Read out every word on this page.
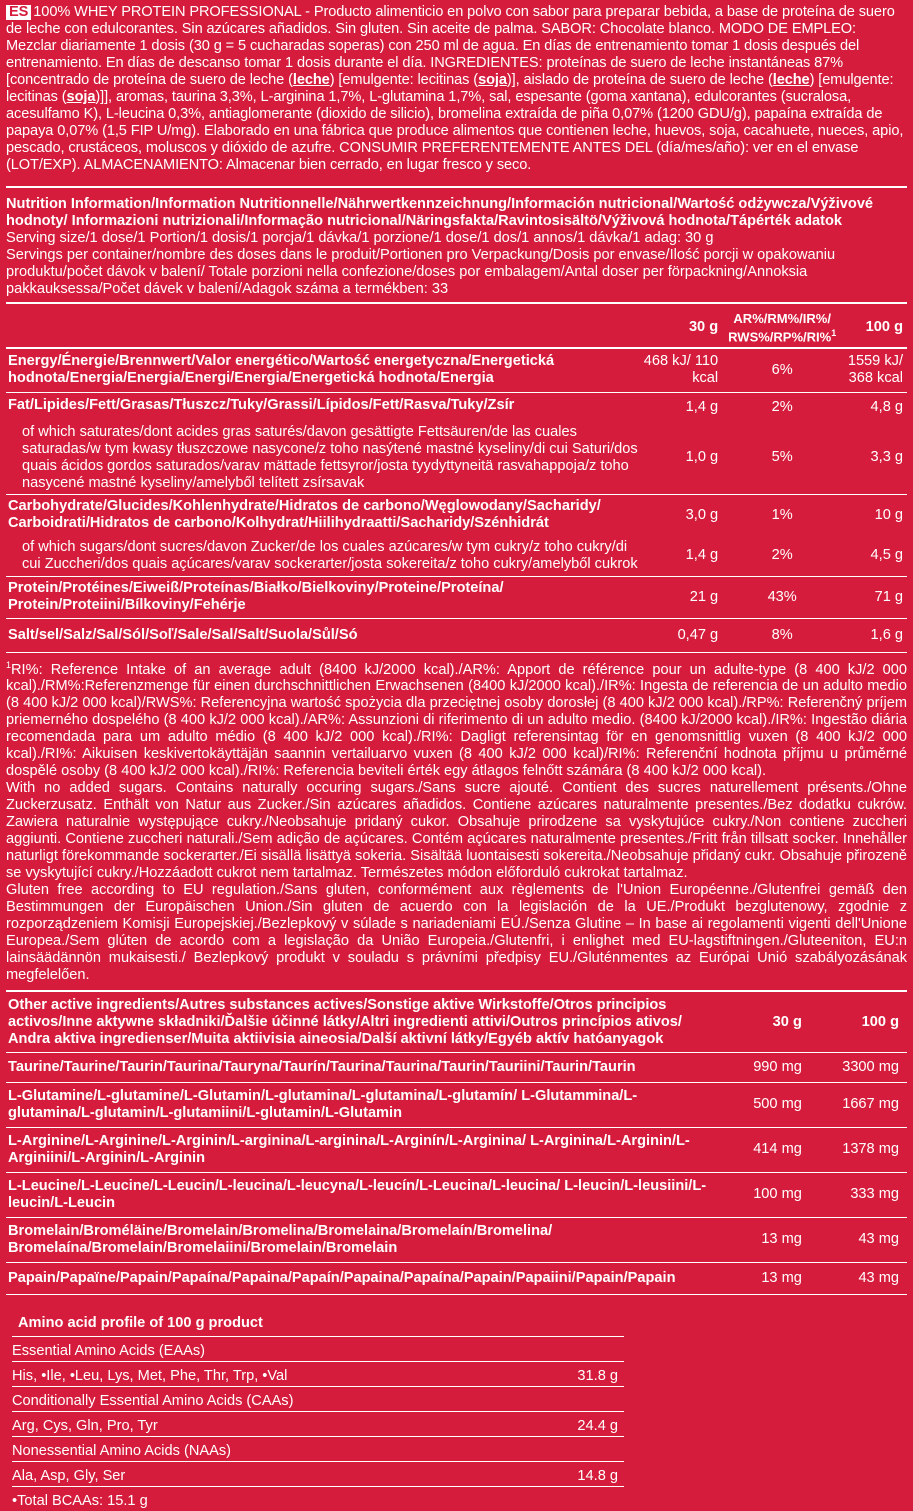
ES 100% WHEY PROTEIN PROFESSIONAL - Producto alimenticio en polvo con sabor para preparar bebida, a base de proteína de suero de leche con edulcorantes. Sin azúcares añadidos. Sin gluten. Sin aceite de palma. SABOR: Chocolate blanco. MODO DE EMPLEO: Mezclar diariamente 1 dosis (30 g = 5 cucharadas soperas) con 250 ml de agua. En días de entrenamiento tomar 1 dosis después del entrenamiento. En días de descanso tomar 1 dosis durante el día. INGREDIENTES: proteínas de suero de leche instantáneas 87% [concentrado de proteína de suero de leche (leche) [emulgente: lecitinas (soja)], aislado de proteína de suero de leche (leche) [emulgente: lecitinas (soja)]], aromas, taurina 3,3%, L-arginina 1,7%, L-glutamina 1,7%, sal, espesante (goma xantana), edulcorantes (sucralosa, acesulfamo K), L-leucina 0,3%, antiaglomerante (dioxido de silicio), bromelina extraída de piña 0,07% (1200 GDU/g), papaína extraída de papaya 0,07% (1,5 FIP U/mg). Elaborado en una fábrica que produce alimentos que contienen leche, huevos, soja, cacahuete, nueces, apio, pescado, crustáceos, moluscos y dióxido de azufre. CONSUMIR PREFERENTEMENTE ANTES DEL (día/mes/año): ver en el envase (LOT/EXP). ALMACENAMIENTO: Almacenar bien cerrado, en lugar fresco y seco.

Nutrition Information/Information Nutritionnelle/Nährwertkennzeichnung/Información nutricional/Wartość odżywcza/Výživové hodnoty/ Informazioni nutrizionali/Informação nutricional/Näringsfakta/Ravintosisältö/Výživová hodnota/Tápérték adatok
Serving size/1 dose/1 Portion/1 dosis/1 porcja/1 dávka/1 porzione/1 dose/1 dos/1 annos/1 dávka/1 adag: 30 g
Servings per container/nombre des doses dans le produit/Portionen pro Verpackung/Dosis por envase/Ilość porcji w opakowaniu produktu/počet dávok v balení/ Totale porzioni nella confezione/doses por embalagem/Antal doser per förpackning/Annoksia pakkauksessa/Počet dávek v balení/Adagok száma a termékben: 33
	30 g	AR%/RM%/IR%/ RWS%/RP%/RI%$^1$	100 g
Energy/Énergie/Brennwert/Valor energético/Wartość energetyczna/Energetická hodnota/Energia/Energia/Energi/Energia/Energetická hodnota/Energia	468 kJ/ 110 kcal	6%	1559 kJ/ 368 kcal
Fat/Lipides/Fett/Grasas/Tłuszcz/Tuky/Grassi/Lípidos/Fett/Rasva/Tuky/Zsír	1,4 g	2%	4,8 g
of which saturates/dont acides gras saturés/davon gesättigte Fettsäuren/de las cuales saturadas/w tym kwasy tłuszczowe nasycone/z toho nasýtené mastné kyseliny/di cui Saturi/dos quais ácidos gordos saturados/varav mättade fettsyror/josta tyydyttyneitä rasvahappoja/z toho nasycené mastné kyseliny/amelyből telített zsírsavak	1,0 g	5%	3,3 g
Carbohydrate/Glucides/Kohlenhydrate/Hidratos de carbono/Węglowodany/Sacharidy/ Carboidrati/Hidratos de carbono/Kolhydrat/Hiilihydraatti/Sacharidy/Szénhidrát	3,0 g	1%	10 g
of which sugars/dont sucres/davon Zucker/de los cuales azúcares/w tym cukry/z toho cukry/di cui Zuccheri/dos quais açúcares/varav sockerarter/josta sokereita/z toho cukry/amelyből cukrok	1,4 g	2%	4,5 g
Protein/Protéines/Eiweiß/Proteínas/Białko/Bielkoviny/Proteine/Proteína/ Protein/Proteiini/Bílkoviny/Fehérje	21 g	43%	71 g
Salt/sel/Salz/Sal/Sól/Soľ/Sale/Sal/Salt/Suola/Sůl/Só	0,47 g	8%	1,6 g
$^1$RI%: Reference Intake of an average adult (8400 kJ/2000 kcal)./AR%: Apport de référence pour un adulte-type (8 400 kJ/2 000 kcal)./RM%:Referenzmenge für einen durchschnittlichen Erwachsenen (8400 kJ/2000 kcal)./IR%: Ingesta de referencia de un adulto medio (8 400 kJ/2 000 kcal)/RWS%: Referencyjna wartość spożycia dla przeciętnej osoby dorosłej (8 400 kJ/2 000 kcal)./RP%: Referenčný príjem priemerného dospelého (8 400 kJ/2 000 kcal)./AR%: Assunzioni di riferimento di un adulto medio. (8400 kJ/2000 kcal)./IR%: Ingestão diária recomendada para um adulto médio (8 400 kJ/2 000 kcal)./RI%: Dagligt referensintag för en genomsnittlig vuxen (8 400 kJ/2 000 kcal)./RI%: Aikuisen keskivertokäyttäjän saannin vertailuarvo vuxen (8 400 kJ/2 000 kcal)/RI%: Referenční hodnota příjmu u průměrné dospělé osoby (8 400 kJ/2 000 kcal)./RI%: Referencia beviteli érték egy átlagos felnőtt számára (8 400 kJ/2 000 kcal).
With no added sugars. Contains naturally occuring sugars./Sans sucre ajouté. Contient des sucres naturellement présents./Ohne Zuckerzusatz. Enthält von Natur aus Zucker./Sin azúcares añadidos. Contiene azúcares naturalmente presentes./Bez dodatku cukrów. Zawiera naturalnie występujące cukry./Neobsahuje pridaný cukor. Obsahuje prirodzene sa vyskytujúce cukry./Non contiene zuccheri aggiunti. Contiene zuccheri naturali./Sem adição de açúcares. Contém açúcares naturalmente presentes./Fritt från tillsatt socker. Innehåller naturligt förekommande sockerarter./Ei sisällä lisättyä sokeria. Sisältää luontaisesti sokereita./Neobsahuje přidaný cukr. Obsahuje přirozeně se vyskytující cukry./Hozzáadott cukrot nem tartalmaz. Természetes módon előforduló cukrokat tartalmaz.
Gluten free according to EU regulation./Sans gluten, conformément aux règlements de l'Union Européenne./Glutenfrei gemäß den Bestimmungen der Europäischen Union./Sin gluten de acuerdo con la legislación de la UE./Produkt bezglutenowy, zgodnie z rozporządzeniem Komisji Europejskiej./Bezlepkový v súlade s nariadeniami EÚ./Senza Glutine – In base ai regolamenti vigenti dell'Unione Europea./Sem glúten de acordo com a legislação da União Europeia./Glutenfri, i enlighet med EU-lagstiftningen./Gluteeniton, EU:n lainsäädännön mukaisesti./ Bezlepkový produkt v souladu s právními předpisy EU./Gluténmentes az Európai Unió szabályozásának megfelelően.
Other active ingredients/Autres substances actives/Sonstige aktive Wirkstoffe/Otros principios activos/Inne aktywne składniki/Ďalšie účinné látky/Altri ingredienti attivi/Outros princípios ativos/ Andra aktiva ingredienser/Muita aktiivisia aineosia/Další aktivní látky/Egyéb aktív hatóanyagok	30 g	100 g
Taurine/Taurine/Taurin/Taurina/Tauryna/Taurín/Taurina/Taurina/Taurin/Tauriini/Taurin/Taurin	990 mg	3300 mg
L-Glutamine/L-glutamine/L-Glutamin/L-glutamina/L-glutamina/L-glutamín/ L-Glutammina/L-glutamina/L-glutamin/L-glutamiini/L-glutamin/L-Glutamin	500 mg	1667 mg
L-Arginine/L-Arginine/L-Arginin/L-arginina/L-arginina/L-Arginín/L-Arginina/ L-Arginina/L-Arginin/L-Arginiini/L-Arginin/L-Arginin	414 mg	1378 mg
L-Leucine/L-Leucine/L-Leucin/L-leucina/L-leucyna/L-leucín/L-Leucina/L-leucina/ L-leucin/L-leusiini/L-leucin/L-Leucin	100 mg	333 mg
Bromelain/Broméläine/Bromelain/Bromelina/Bromelaina/Bromelaín/Bromelina/ Bromelaína/Bromelain/Bromelaiini/Bromelain/Bromelain	13 mg	43 mg
Papain/Papaïne/Papain/Papaína/Papaina/Papaín/Papaina/Papaína/Papain/Papaiini/Papain/Papain	13 mg	43 mg
Amino acid profile of 100 g product
Essential Amino Acids (EAAs)
His, •Ile, •Leu, Lys, Met, Phe, Thr, Trp, •Val	31.8 g
Conditionally Essential Amino Acids (CAAs)
Arg, Cys, Gln, Pro, Tyr	24.4 g
Nonessential Amino Acids (NAAs)
Ala, Asp, Gly, Ser	14.8 g
•Total BCAAs: 15.1 g
